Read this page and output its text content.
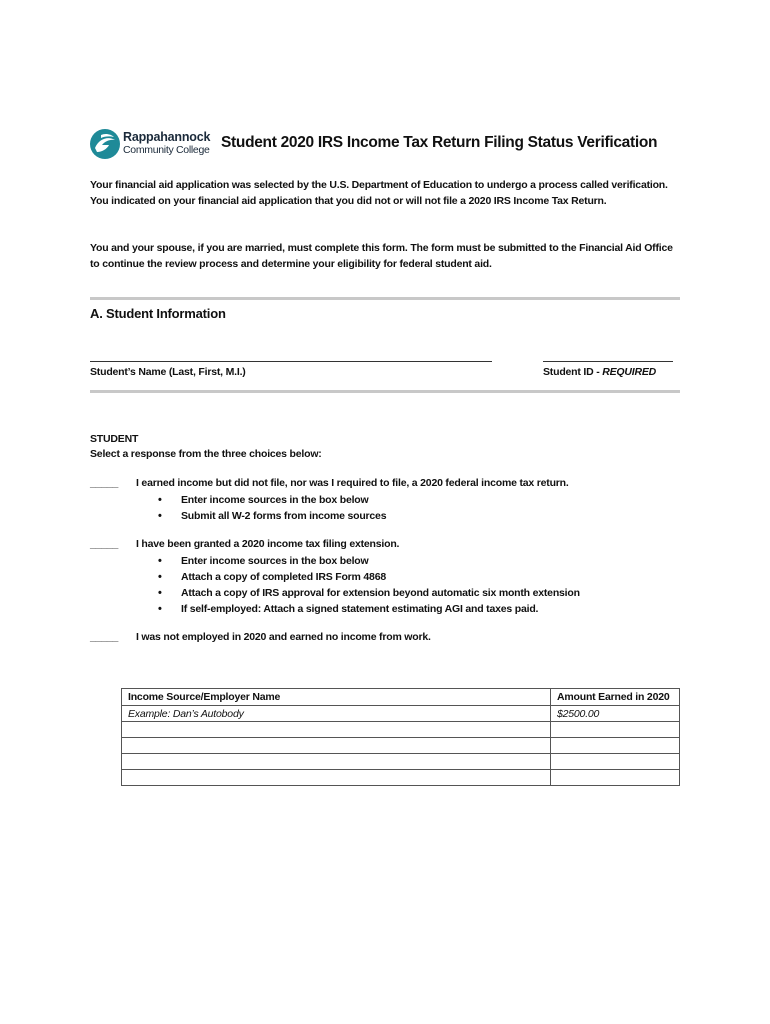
Rappahannock
Community College Student 2020 IRS Income Tax Return Filing Status Verification
Your financial aid application was selected by the U.S. Department of Education to undergo a process called verification. You indicated on your financial aid application that you did not or will not file a 2020 IRS Income Tax Return.
You and your spouse, if you are married, must complete this form. The form must be submitted to the Financial Aid Office to continue the review process and determine your eligibility for federal student aid.
A. Student Information
Student’s Name (Last, First, M.I.)	Student ID - REQUIRED
STUDENT
Select a response from the three choices below:
_____ I earned income but did not file, nor was I required to file, a 2020 federal income tax return.
• Enter income sources in the box below
• Submit all W-2 forms from income sources
_____ I have been granted a 2020 income tax filing extension.
• Enter income sources in the box below
• Attach a copy of completed IRS Form 4868
• Attach a copy of IRS approval for extension beyond automatic six month extension
• If self-employed: Attach a signed statement estimating AGI and taxes paid.
_____ I was not employed in 2020 and earned no income from work.
Income Source/Employer Name	Amount Earned in 2020
Example: Dan’s Autobody	$2500.00
